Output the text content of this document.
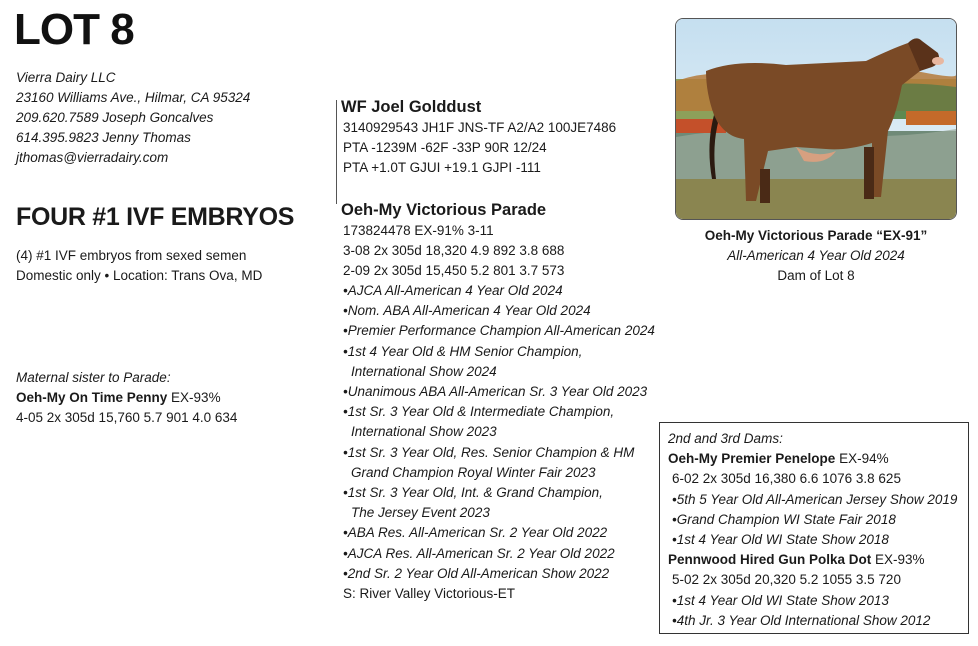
LOT 8
Vierra Dairy LLC
23160 Williams Ave., Hilmar, CA 95324
209.620.7589 Joseph Goncalves
614.395.9823 Jenny Thomas
jthomas@vierradairy.com
FOUR #1 IVF EMBRYOS
(4) #1 IVF embryos from sexed semen
Domestic only • Location: Trans Ova, MD
Maternal sister to Parade:
Oeh-My On Time Penny EX-93%
4-05 2x 305d 15,760 5.7 901 4.0 634
WF Joel Golddust
3140929543 JH1F JNS-TF A2/A2 100JE7486
PTA -1239M -62F -33P 90R 12/24
PTA +1.0T GJUI +19.1 GJPI -111
Oeh-My Victorious Parade
173824478 EX-91% 3-11
3-08 2x 305d 18,320 4.9 892 3.8 688
2-09 2x 305d 15,450 5.2 801 3.7 573
•AJCA All-American 4 Year Old 2024
•Nom. ABA All-American 4 Year Old 2024
•Premier Performance Champion All-American 2024
•1st 4 Year Old & HM Senior Champion,
International Show 2024
•Unanimous ABA All-American Sr. 3 Year Old 2023
•1st Sr. 3 Year Old & Intermediate Champion,
International Show 2023
•1st Sr. 3 Year Old, Res. Senior Champion & HM
Grand Champion Royal Winter Fair 2023
•1st Sr. 3 Year Old, Int. & Grand Champion,
The Jersey Event 2023
•ABA Res. All-American Sr. 2 Year Old 2022
•AJCA Res. All-American Sr. 2 Year Old 2022
•2nd Sr. 2 Year Old All-American Show 2022
S: River Valley Victorious-ET
Oeh-My Victorious Parade “EX-91”
All-American 4 Year Old 2024
Dam of Lot 8
2nd and 3rd Dams:
Oeh-My Premier Penelope EX-94%
6-02 2x 305d 16,380 6.6 1076 3.8 625
•5th 5 Year Old All-American Jersey Show 2019
•Grand Champion WI State Fair 2018
•1st 4 Year Old WI State Show 2018
Pennwood Hired Gun Polka Dot EX-93%
5-02 2x 305d 20,320 5.2 1055 3.5 720
•1st 4 Year Old WI State Show 2013
•4th Jr. 3 Year Old International Show 2012
